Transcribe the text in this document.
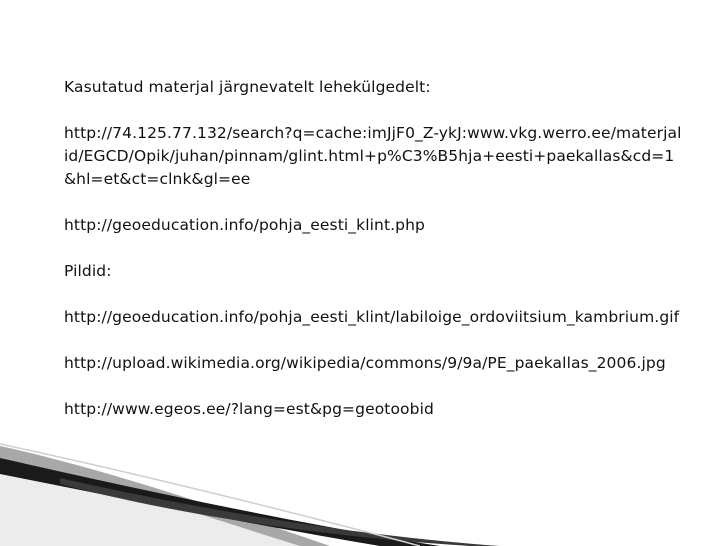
Kasutatud materjal järgnevatelt lehekülgedelt:

http://74.125.77.132/search?q=cache:imJjF0_Z-ykJ:www.vkg.werro.ee/materjalid/EGCD/Opik/juhan/pinnam/glint.html+p%C3%B5hja+eesti+paekallas&cd=1&hl=et&ct=clnk&gl=ee

http://geoeducation.info/pohja_eesti_klint.php

Pildid:

http://geoeducation.info/pohja_eesti_klint/labiloige_ordoviitsium_kambrium.gif

http://upload.wikimedia.org/wikipedia/commons/9/9a/PE_paekallas_2006.jpg

http://www.egeos.ee/?lang=est&pg=geotoobid
